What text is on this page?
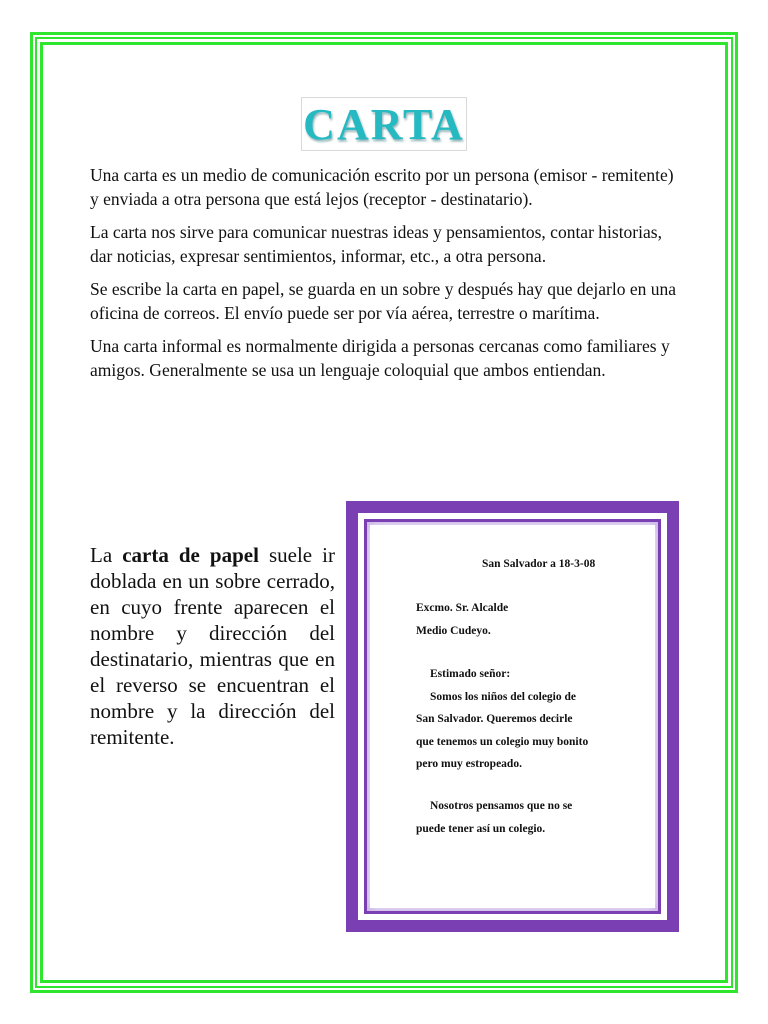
CARTA

Una carta es un medio de comunicación escrito por un persona (emisor - remitente) y enviada a otra persona que está lejos (receptor - destinatario).

La carta nos sirve para comunicar nuestras ideas y pensamientos, contar historias, dar noticias, expresar sentimientos, informar, etc., a otra persona.

Se escribe la carta en papel, se guarda en un sobre y después hay que dejarlo en una oficina de correos. El envío puede ser por vía aérea, terrestre o marítima.

Una carta informal es normalmente dirigida a personas cercanas como familiares y amigos. Generalmente se usa un lenguaje coloquial que ambos entiendan.

La carta de papel suele ir doblada en un sobre cerrado, en cuyo frente aparecen el nombre y dirección del destinatario, mientras que en el reverso se encuentran el nombre y la dirección del remitente.
San Salvador a 18-3-08
Excmo. Sr. Alcalde
Medio Cudeyo.
Estimado señor:
Somos los niños del colegio de
San Salvador. Queremos decirle
que tenemos un colegio muy bonito
pero muy estropeado.
Nosotros pensamos que no se
puede tener así un colegio.
